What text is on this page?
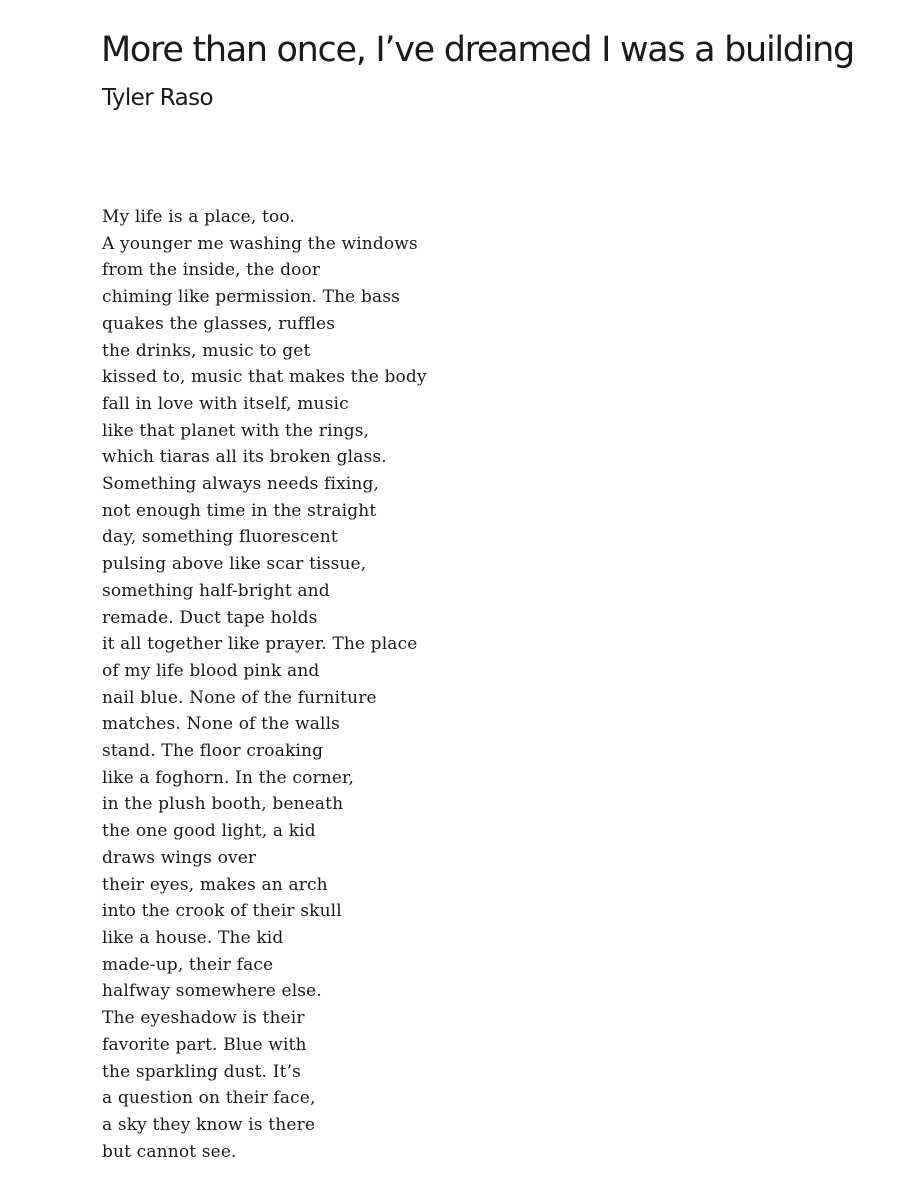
More than once, I’ve dreamed I was a building
Tyler Raso
My life is a place, too.
A younger me washing the windows
from the inside, the door
chiming like permission. The bass
quakes the glasses, ruffles
the drinks, music to get
kissed to, music that makes the body
fall in love with itself, music
like that planet with the rings,
which tiaras all its broken glass.
Something always needs fixing,
not enough time in the straight
day, something fluorescent
pulsing above like scar tissue,
something half-bright and
remade. Duct tape holds
it all together like prayer. The place
of my life blood pink and
nail blue. None of the furniture
matches. None of the walls
stand. The floor croaking
like a foghorn. In the corner,
in the plush booth, beneath
the one good light, a kid
draws wings over
their eyes, makes an arch
into the crook of their skull
like a house. The kid
made-up, their face
halfway somewhere else.
The eyeshadow is their
favorite part. Blue with
the sparkling dust. It’s
a question on their face,
a sky they know is there
but cannot see.
